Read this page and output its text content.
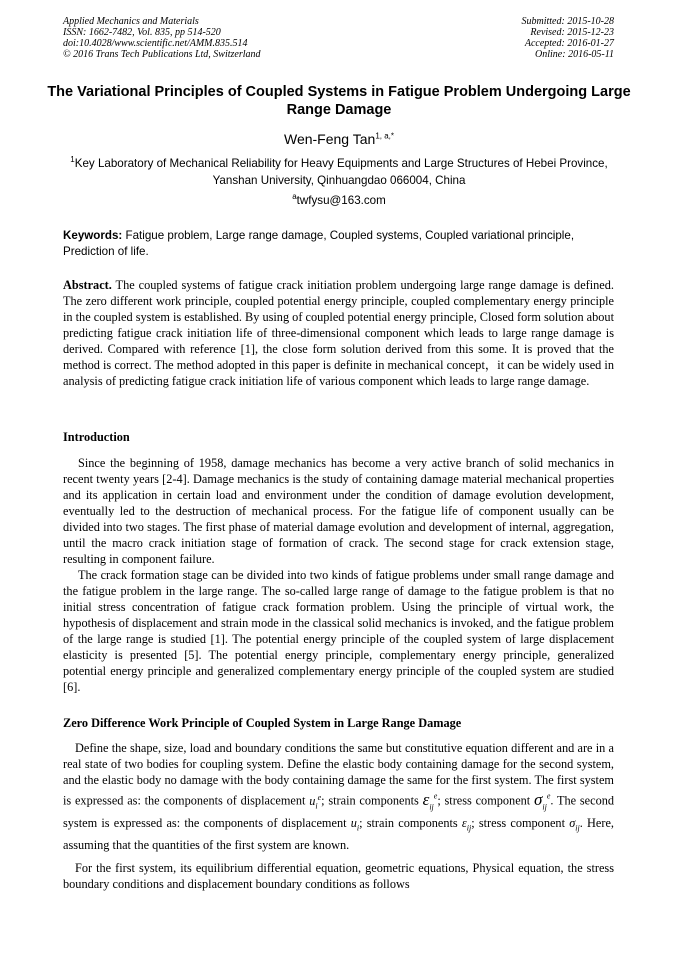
Applied Mechanics and Materials
ISSN: 1662-7482, Vol. 835, pp 514-520
doi:10.4028/www.scientific.net/AMM.835.514
© 2016 Trans Tech Publications Ltd, Switzerland
Submitted: 2015-10-28
Revised: 2015-12-23
Accepted: 2016-01-27
Online: 2016-05-11
The Variational Principles of Coupled Systems in Fatigue Problem Undergoing Large Range Damage
Wen-Feng Tan$^{1, a,*}$
$^1$Key Laboratory of Mechanical Reliability for Heavy Equipments and Large Structures of Hebei Province, Yanshan University, Qinhuangdao 066004, China
$^a$twfysu@163.com
Keywords: Fatigue problem, Large range damage, Coupled systems, Coupled variational principle, Prediction of life.
Abstract. The coupled systems of fatigue crack initiation problem undergoing large range damage is defined. The zero different work principle, coupled potential energy principle, coupled complementary energy principle in the coupled system is established. By using of coupled potential energy principle, Closed form solution about predicting fatigue crack initiation life of three-dimensional component which leads to large range damage is derived. Compared with reference [1], the close form solution derived from this some. It is proved that the method is correct. The method adopted in this paper is definite in mechanical concept，it can be widely used in analysis of predicting fatigue crack initiation life of various component which leads to large range damage.
Introduction
Since the beginning of 1958, damage mechanics has become a very active branch of solid mechanics in recent twenty years [2-4]. Damage mechanics is the study of containing damage material mechanical properties and its application in certain load and environment under the condition of damage evolution development, eventually led to the destruction of mechanical process. For the fatigue life of component usually can be divided into two stages. The first phase of material damage evolution and development of internal, aggregation, until the macro crack initiation stage of formation of crack. The second stage for crack extension stage, resulting in component failure.
The crack formation stage can be divided into two kinds of fatigue problems under small range damage and the fatigue problem in the large range. The so-called large range of damage to the fatigue problem is that no initial stress concentration of fatigue crack formation problem. Using the principle of virtual work, the hypothesis of displacement and strain mode in the classical solid mechanics is invoked, and the fatigue problem of the large range is studied [1]. The potential energy principle of the coupled system of large displacement elasticity is presented [5]. The potential energy principle, complementary energy principle, generalized potential energy principle and generalized complementary energy principle of the coupled system are studied [6].
Zero Difference Work Principle of Coupled System in Large Range Damage
Define the shape, size, load and boundary conditions the same but constitutive equation different and are in a real state of two bodies for coupling system. Define the elastic body containing damage for the second system, and the elastic body no damage with the body containing damage the same for the first system. The first system is expressed as: the components of displacement $u_i^e$; strain components $\varepsilon_{ij}^e$; stress component $\sigma_{ij}^e$. The second system is expressed as: the components of displacement $u_i$; strain components $\varepsilon_{ij}$; stress component $\sigma_{ij}$. Here, assuming that the quantities of the first system are known.
For the first system, its equilibrium differential equation, geometric equations, Physical equation, the stress boundary conditions and displacement boundary conditions as follows
